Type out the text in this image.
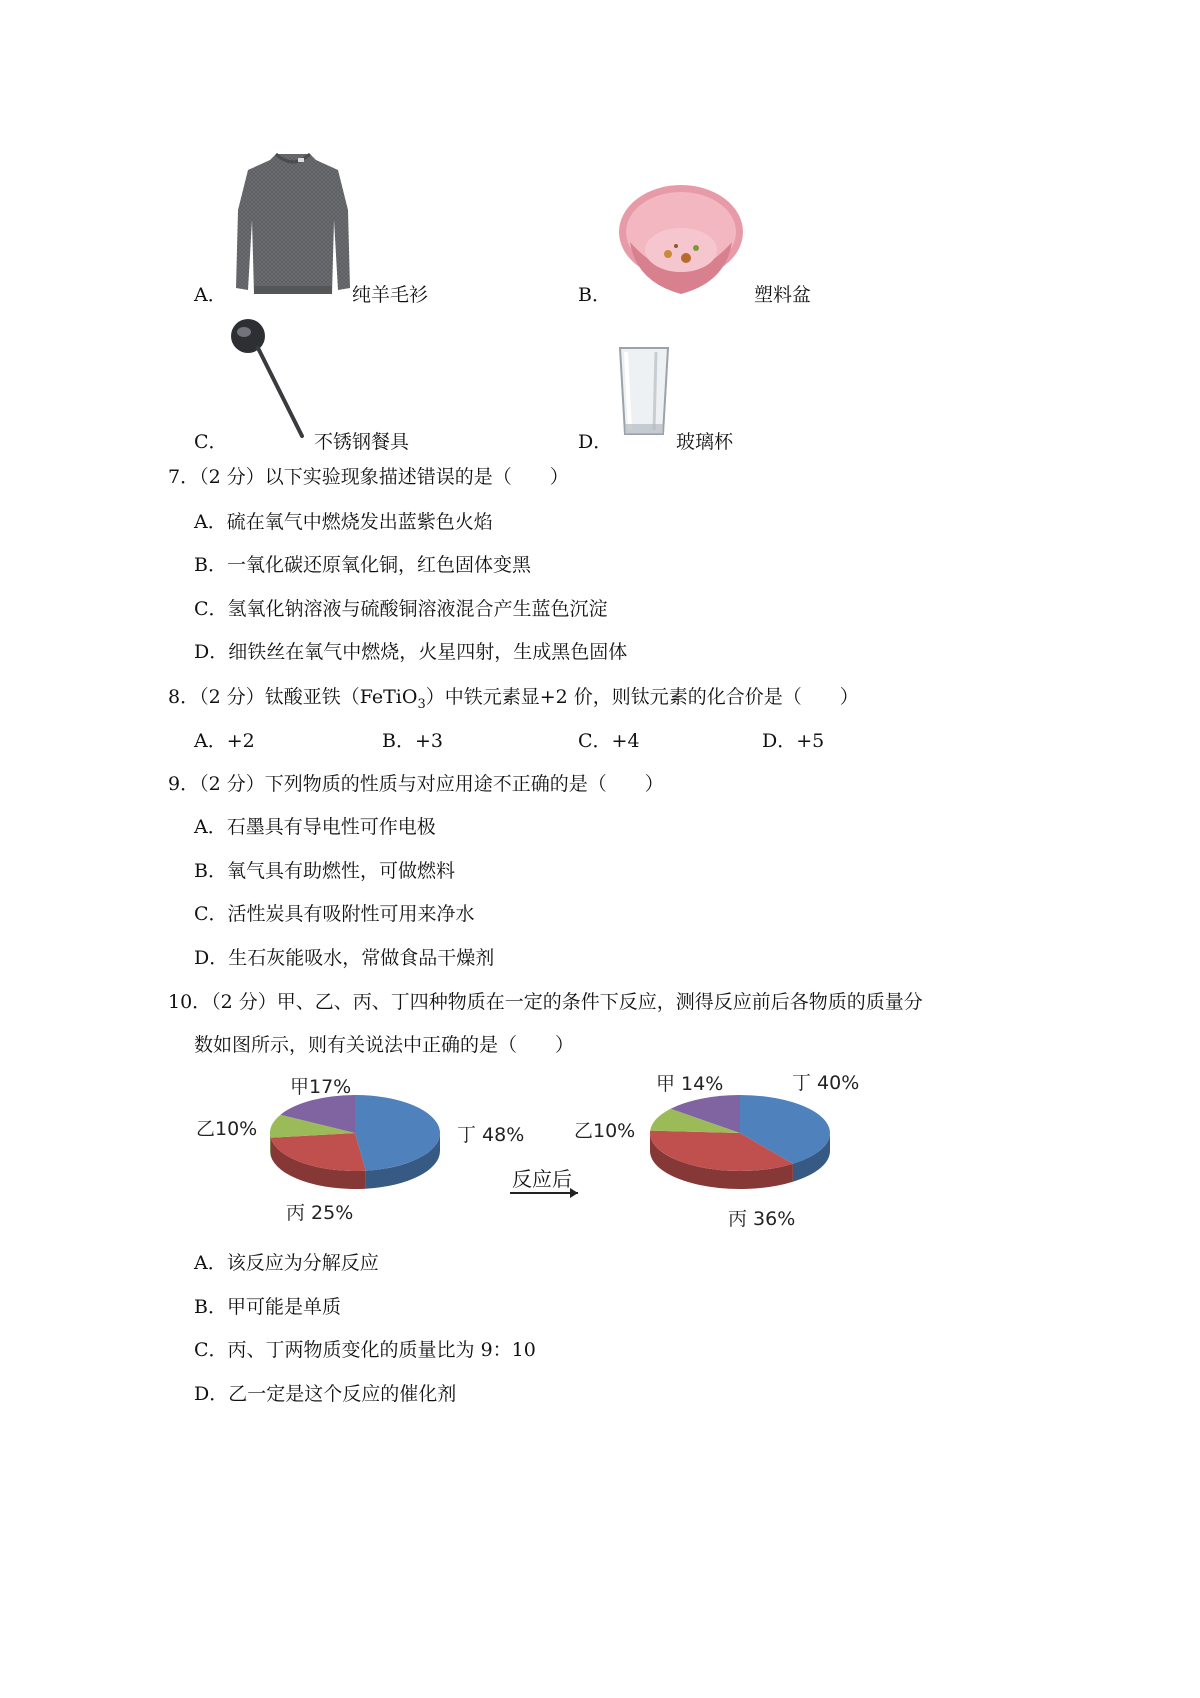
A．	纯羊毛衫	B．	塑料盆
C．	不锈钢餐具	D．	玻璃杯
7．（2 分）以下实验现象描述错误的是（　　）
A．硫在氧气中燃烧发出蓝紫色火焰
B．一氧化碳还原氧化铜，红色固体变黑
C．氢氧化钠溶液与硫酸铜溶液混合产生蓝色沉淀
D．细铁丝在氧气中燃烧，火星四射，生成黑色固体
8．（2 分）钛酸亚铁（FeTiO$_3$）中铁元素显+2 价，则钛元素的化合价是（　　）
A．+2	B．+3	C．+4	D．+5
9．（2 分）下列物质的性质与对应用途不正确的是（　　）
A．石墨具有导电性可作电极
B．氧气具有助燃性，可做燃料
C．活性炭具有吸附性可用来净水
D．生石灰能吸水，常做食品干燥剂
10．（2 分）甲、乙、丙、丁四种物质在一定的条件下反应，测得反应前后各物质的质量分
数如图所示，则有关说法中正确的是（　　）
丁 48%
丙 25%
乙10%
甲17%	丁 40%
丙 36%
乙10%
甲 14%
反应后
A．该反应为分解反应
B．甲可能是单质
C．丙、丁两物质变化的质量比为 9：10
D．乙一定是这个反应的催化剂
